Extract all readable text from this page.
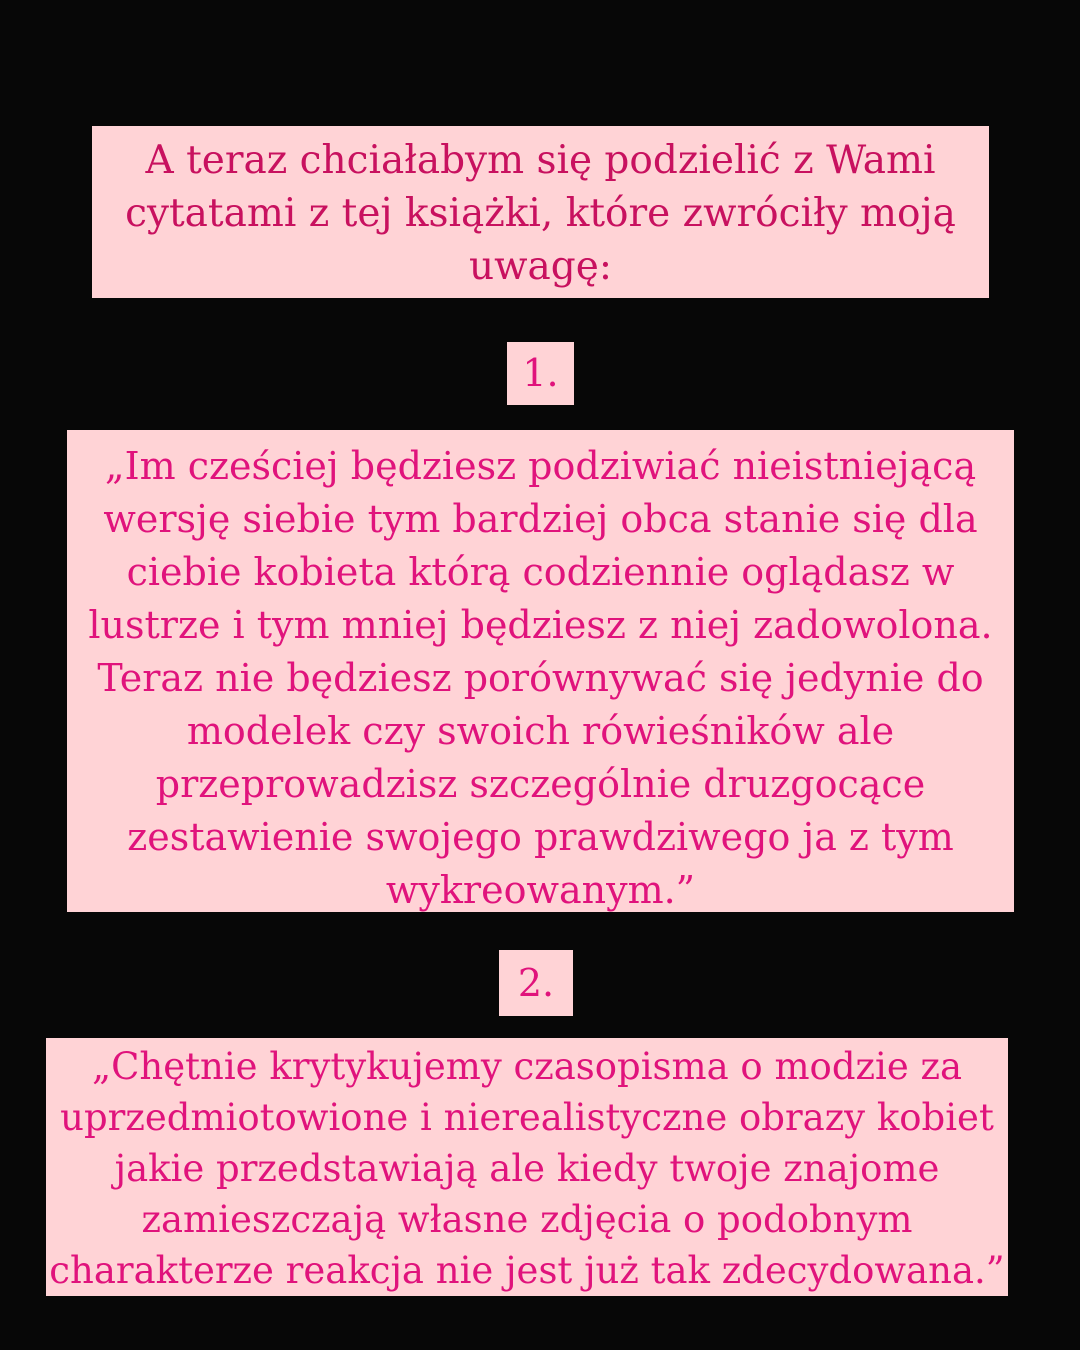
A teraz chciałabym się podzielić z Wami
cytatami z tej książki, które zwróciły moją
uwagę:
1.
„Im cześciej będziesz podziwiać nieistniejącą
wersję siebie tym bardziej obca stanie się dla
ciebie kobieta którą codziennie oglądasz w
lustrze i tym mniej będziesz z niej zadowolona.
Teraz nie będziesz porównywać się jedynie do
modelek czy swoich rówieśników ale
przeprowadzisz szczególnie druzgocące
zestawienie swojego prawdziwego ja z tym
wykreowanym.”
2.
„Chętnie krytykujemy czasopisma o modzie za
uprzedmiotowione i nierealistyczne obrazy kobiet
jakie przedstawiają ale kiedy twoje znajome
zamieszczają własne zdjęcia o podobnym
charakterze reakcja nie jest już tak zdecydowana.”
